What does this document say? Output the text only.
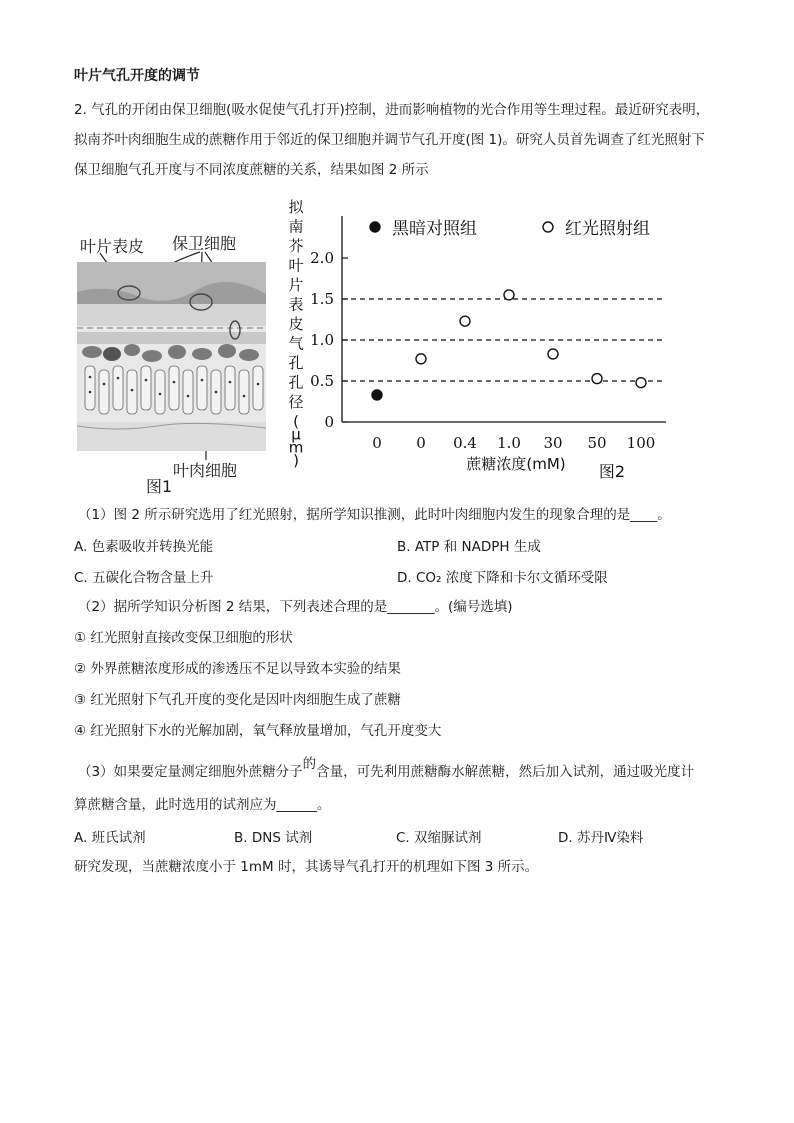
叶片气孔开度的调节
2. 气孔的开闭由保卫细胞(吸水促使气孔打开)控制，进而影响植物的光合作用等生理过程。最近研究表明，
拟南芥叶肉细胞生成的蔗糖作用于邻近的保卫细胞并调节气孔开度(图 1)。研究人员首先调查了红光照射下
保卫细胞气孔开度与不同浓度蔗糖的关系，结果如图 2 所示
叶片表皮 保卫细胞
叶肉细胞
图1
拟南芥叶片表皮气孔孔径( μ m )
0
0.5
1.0
1.5
2.0
0 0 0.4 1.0 30 50 100
黑暗对照组	红光照射组
蔗糖浓度(mM) 图2
（1）图 2 所示研究选用了红光照射，据所学知识推测，此时叶肉细胞内发生的现象合理的是____。
A. 色素吸收并转换光能	B. ATP 和 NADPH 生成
C. 五碳化合物含量上升	D. CO₂ 浓度下降和卡尔文循环受限
（2）据所学知识分析图 2 结果，下列表述合理的是_______。(编号选填)
① 红光照射直接改变保卫细胞的形状
② 外界蔗糖浓度形成的渗透压不足以导致本实验的结果
③ 红光照射下气孔开度的变化是因叶肉细胞生成了蔗糖
④ 红光照射下水的光解加剧，氧气释放量增加，气孔开度变大
（3）如果要定量测定细胞外蔗糖分子的含量，可先利用蔗糖酶水解蔗糖，然后加入试剂，通过吸光度计
算蔗糖含量，此时选用的试剂应为______。
A. 班氏试剂	B. DNS 试剂	C. 双缩脲试剂	D. 苏丹Ⅳ染料
研究发现，当蔗糖浓度小于 1mM 时，其诱导气孔打开的机理如下图 3 所示。
